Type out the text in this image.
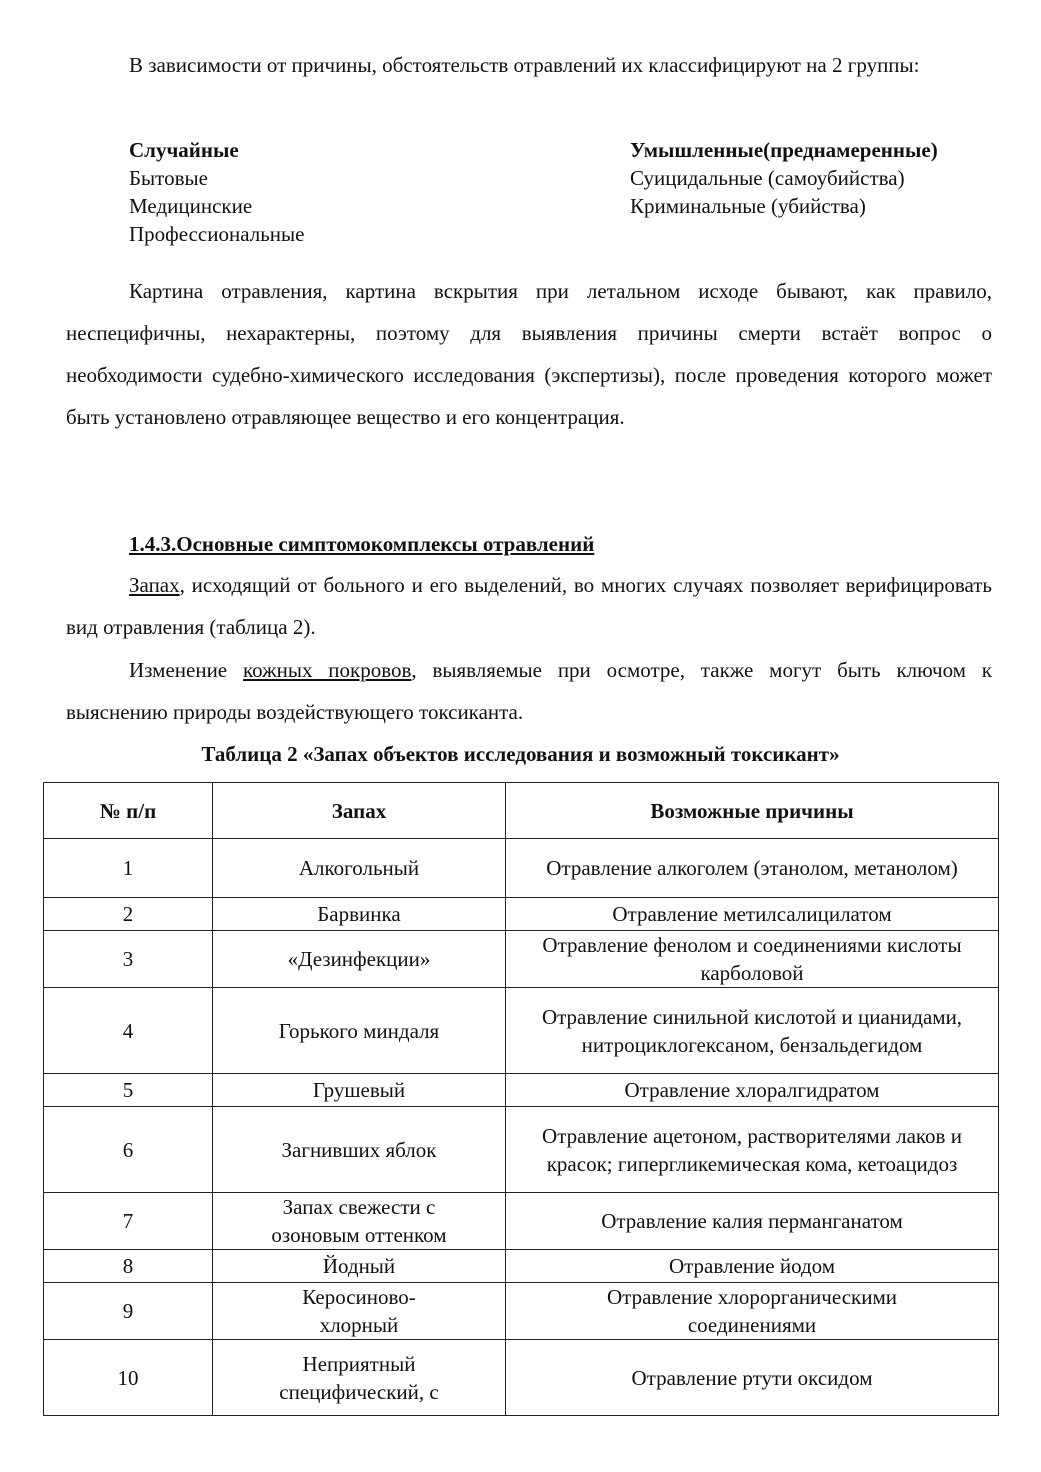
В зависимости от причины, обстоятельств отравлений их классифицируют на 2 группы:

Случайные
Бытовые
Медицинские
Профессиональные
Умышленные(преднамеренные)
Суицидальные (самоубийства)
Криминальные (убийства)

Картина отравления, картина вскрытия при летальном исходе бывают, как правило, неспецифичны, нехарактерны, поэтому для выявления причины смерти встаёт вопрос о необходимости судебно-химического исследования (экспертизы), после проведения которого может быть установлено отравляющее вещество и его концентрация.

1.4.3.Основные симптомокомплексы отравлений

Запах, исходящий от больного и его выделений, во многих случаях позволяет верифицировать вид отравления (таблица 2).

Изменение кожных покровов, выявляемые при осмотре, также могут быть ключом к выяснению природы воздействующего токсиканта.

Таблица 2 «Запах объектов исследования и возможный токсикант»

№ п/п	Запах	Возможные причины
1	Алкогольный	Отравление алкоголем (этанолом, метанолом)
2	Барвинка	Отравление метилсалицилатом
3	«Дезинфекции»	Отравление фенолом и соединениями кислоты карболовой
4	Горького миндаля	Отравление синильной кислотой и цианидами, нитроциклогексаном, бензальдегидом
5	Грушевый	Отравление хлоралгидратом
6	Загнивших яблок	Отравление ацетоном, растворителями лаков и красок; гипергликемическая кома, кетоацидоз
7	Запах свежести с озоновым оттенком	Отравление калия перманганатом
8	Йодный	Отравление йодом
9	Керосиново-хлорный	Отравление хлорорганическими соединениями
10	Неприятный специфический, с	Отравление ртути оксидом
